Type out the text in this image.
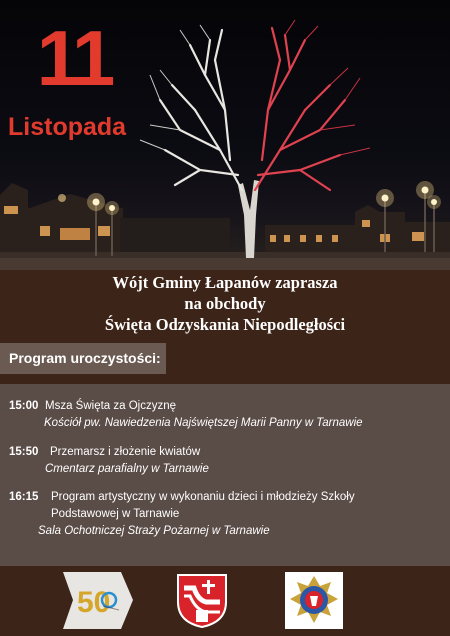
11
Listopada
Wójt Gminy Łapanów zaprasza
na obchody
Święta Odzyskania Niepodległości
Program uroczystości:
15:00 Msza Święta za Ojczyznę
Kościół pw. Nawiedzenia Najświętszej Marii Panny w Tarnawie
15:50 Przemarsz i złożenie kwiatów
Cmentarz parafialny w Tarnawie
16:15 Program artystyczny w wykonaniu dzieci i młodzieży Szkoły
Podstawowej w Tarnawie
Sala Ochotniczej Straży Pożarnej w Tarnawie
50
